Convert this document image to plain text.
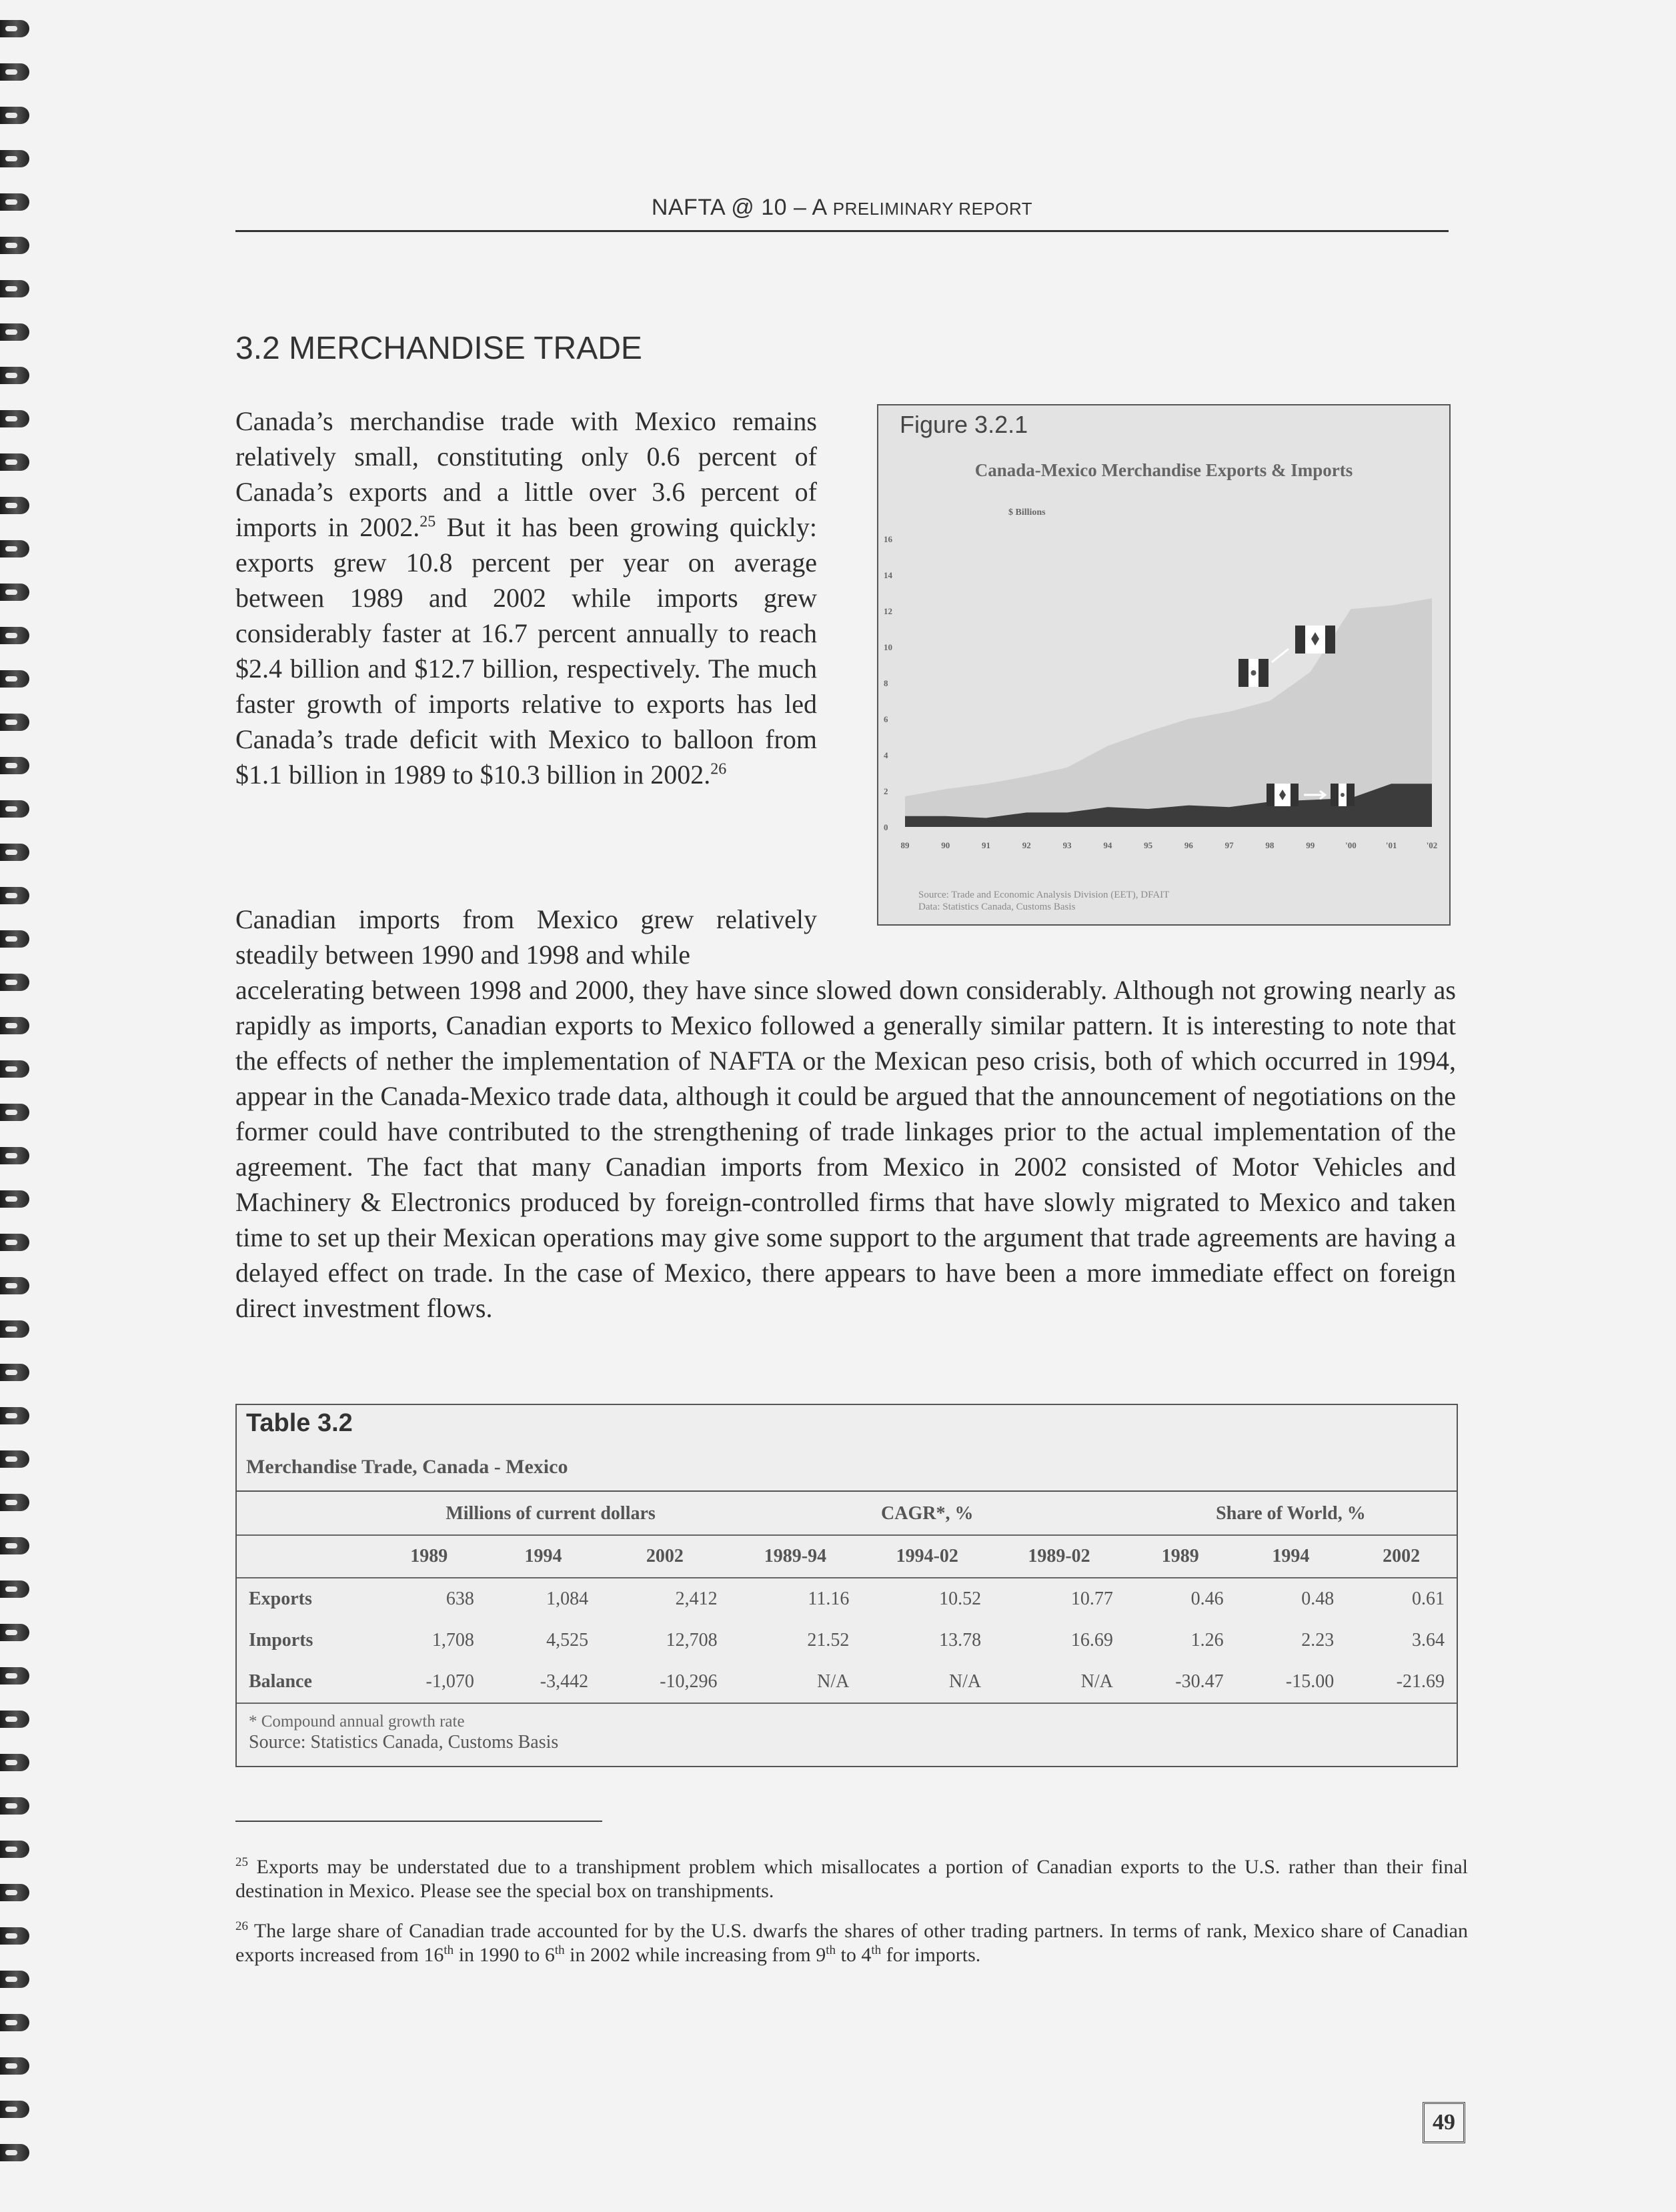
NAFTA @ 10 – A PRELIMINARY REPORT
3.2 MERCHANDISE TRADE
Canada’s merchandise trade with Mexico remains relatively small, constituting only 0.6 percent of Canada’s exports and a little over 3.6 percent of imports in 2002.25 But it has been growing quickly: exports grew 10.8 percent per year on average between 1989 and 2002 while imports grew considerably faster at 16.7 percent annually to reach $2.4 billion and $12.7 billion, respectively. The much faster growth of imports relative to exports has led Canada’s trade deficit with Mexico to balloon from $1.1 billion in 1989 to $10.3 billion in 2002.26
Canadian imports from Mexico grew relatively steadily between 1990 and 1998 and while
accelerating between 1998 and 2000, they have since slowed down considerably. Although not growing nearly as rapidly as imports, Canadian exports to Mexico followed a generally similar pattern. It is interesting to note that the effects of nether the implementation of NAFTA or the Mexican peso crisis, both of which occurred in 1994, appear in the Canada-Mexico trade data, although it could be argued that the announcement of negotiations on the former could have contributed to the strengthening of trade linkages prior to the actual implementation of the agreement. The fact that many Canadian imports from Mexico in 2002 consisted of Motor Vehicles and Machinery & Electronics produced by foreign-controlled firms that have slowly migrated to Mexico and taken time to set up their Mexican operations may give some support to the argument that trade agreements are having a delayed effect on trade. In the case of Mexico, there appears to have been a more immediate effect on foreign direct investment flows.
Figure 3.2.1
Canada-Mexico Merchandise Exports & Imports
$ Billions
0
2
4
6
8
10
12
14
16
89	90	91	92	93	94	95	96	97	98	99	'00	'01	'02
Source: Trade and Economic Analysis Division (EET), DFAIT
Data: Statistics Canada, Customs Basis
Table 3.2
Merchandise Trade, Canada - Mexico
	Millions of current dollars			CAGR*, %			Share of World, %		
	1989	1994	2002	1989-94	1994-02	1989-02	1989	1994	2002
Exports	638	1,084	2,412	11.16	10.52	10.77	0.46	0.48	0.61
Imports	1,708	4,525	12,708	21.52	13.78	16.69	1.26	2.23	3.64
Balance	-1,070	-3,442	-10,296	N/A	N/A	N/A	-30.47	-15.00	-21.69
* Compound annual growth rate
Source: Statistics Canada, Customs Basis
$^{25}$ Exports may be understated due to a transhipment problem which misallocates a portion of Canadian exports to the U.S. rather than their final destination in Mexico. Please see the special box on transhipments.
$^{26}$ The large share of Canadian trade accounted for by the U.S. dwarfs the shares of other trading partners. In terms of rank, Mexico share of Canadian exports increased from 16th in 1990 to 6th in 2002 while increasing from 9th to 4th for imports.
49
